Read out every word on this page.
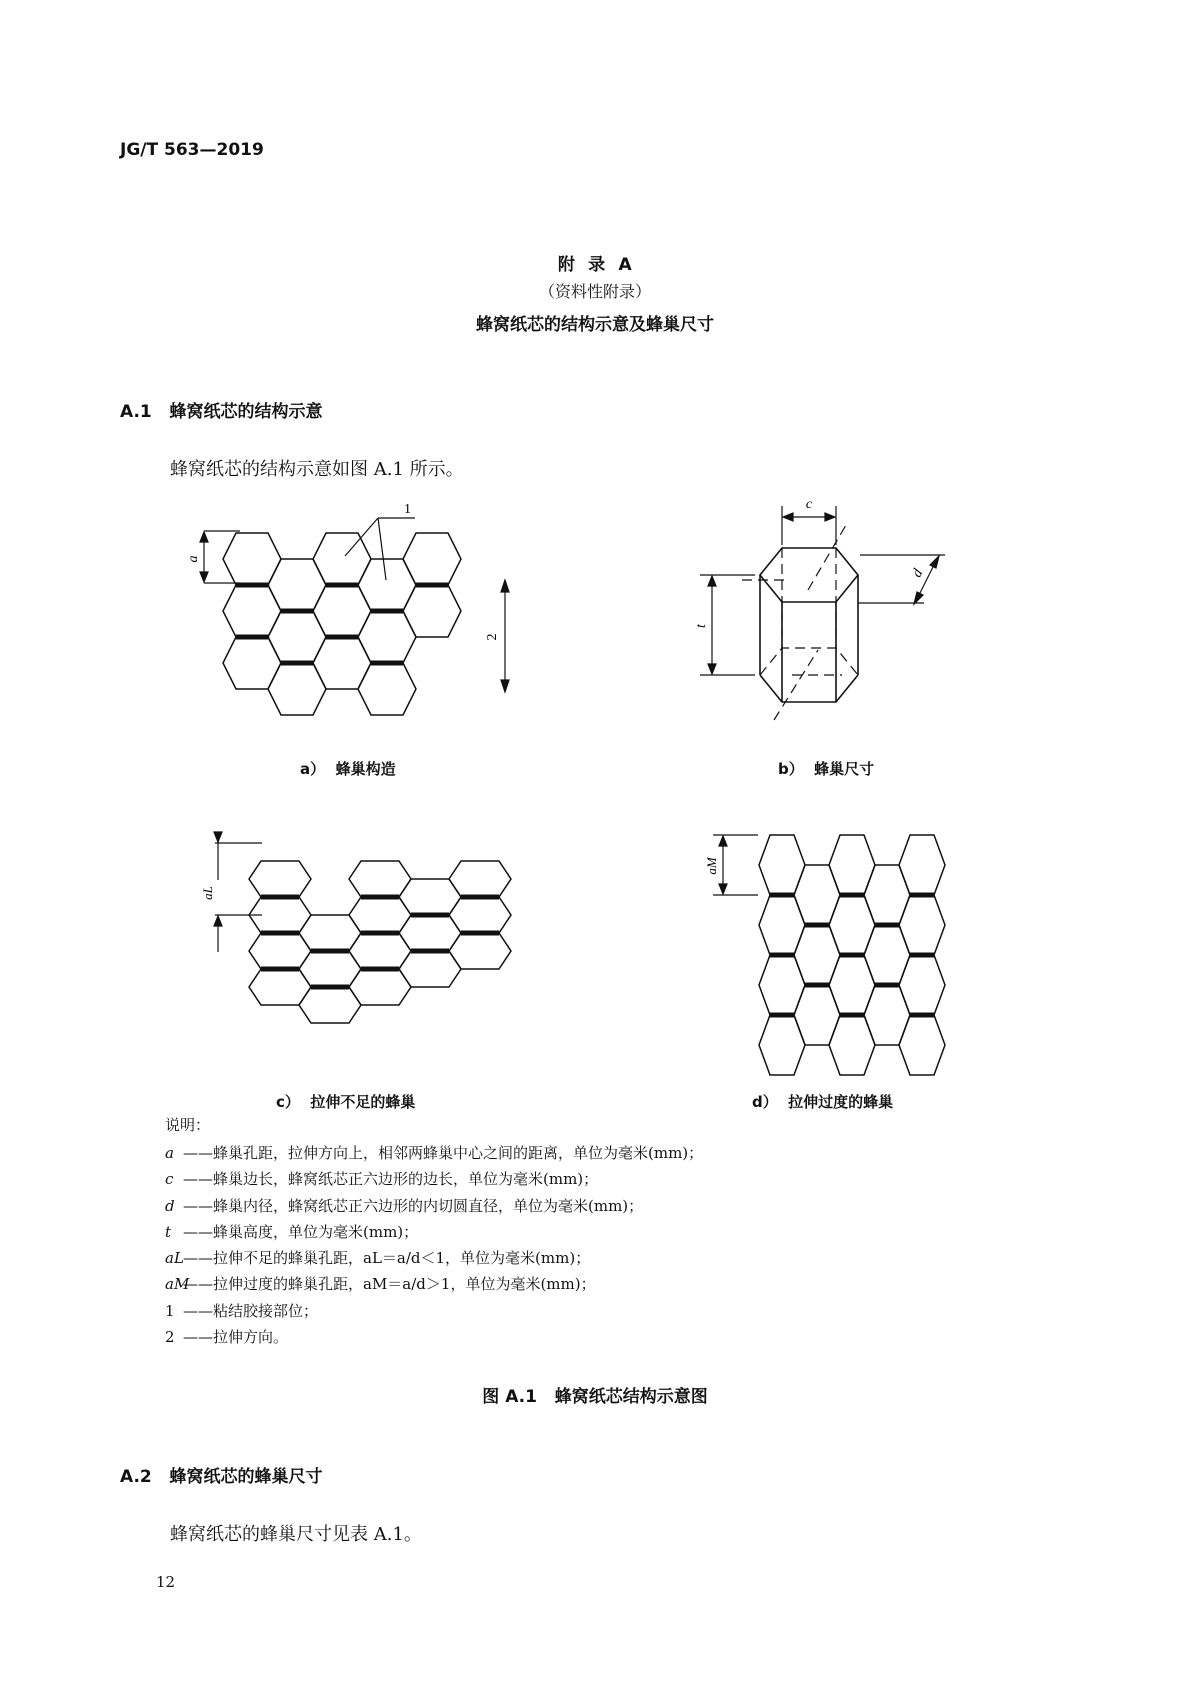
JG/T 563—2019
附  录  A
（资料性附录）
蜂窝纸芯的结构示意及蜂巢尺寸
A.1   蜂窝纸芯的结构示意
蜂窝纸芯的结构示意如图 A.1 所示。
a
1
2
c
d
t
aL
aM
a）  蜂巢构造	b）  蜂巢尺寸
c）  拉伸不足的蜂巢	d）  拉伸过度的蜂巢
说明：
a ——蜂巢孔距，拉伸方向上，相邻两蜂巢中心之间的距离，单位为毫米(mm)；
c ——蜂巢边长，蜂窝纸芯正六边形的边长，单位为毫米(mm)；
d ——蜂巢内径，蜂窝纸芯正六边形的内切圆直径，单位为毫米(mm)；
t ——蜂巢高度，单位为毫米(mm)；
aL——拉伸不足的蜂巢孔距，aL＝a/d＜1，单位为毫米(mm)；
aM——拉伸过度的蜂巢孔距，aM＝a/d＞1，单位为毫米(mm)；
1 ——粘结胶接部位；
2 ——拉伸方向。
图 A.1   蜂窝纸芯结构示意图
A.2   蜂窝纸芯的蜂巢尺寸
蜂窝纸芯的蜂巢尺寸见表 A.1。
12
